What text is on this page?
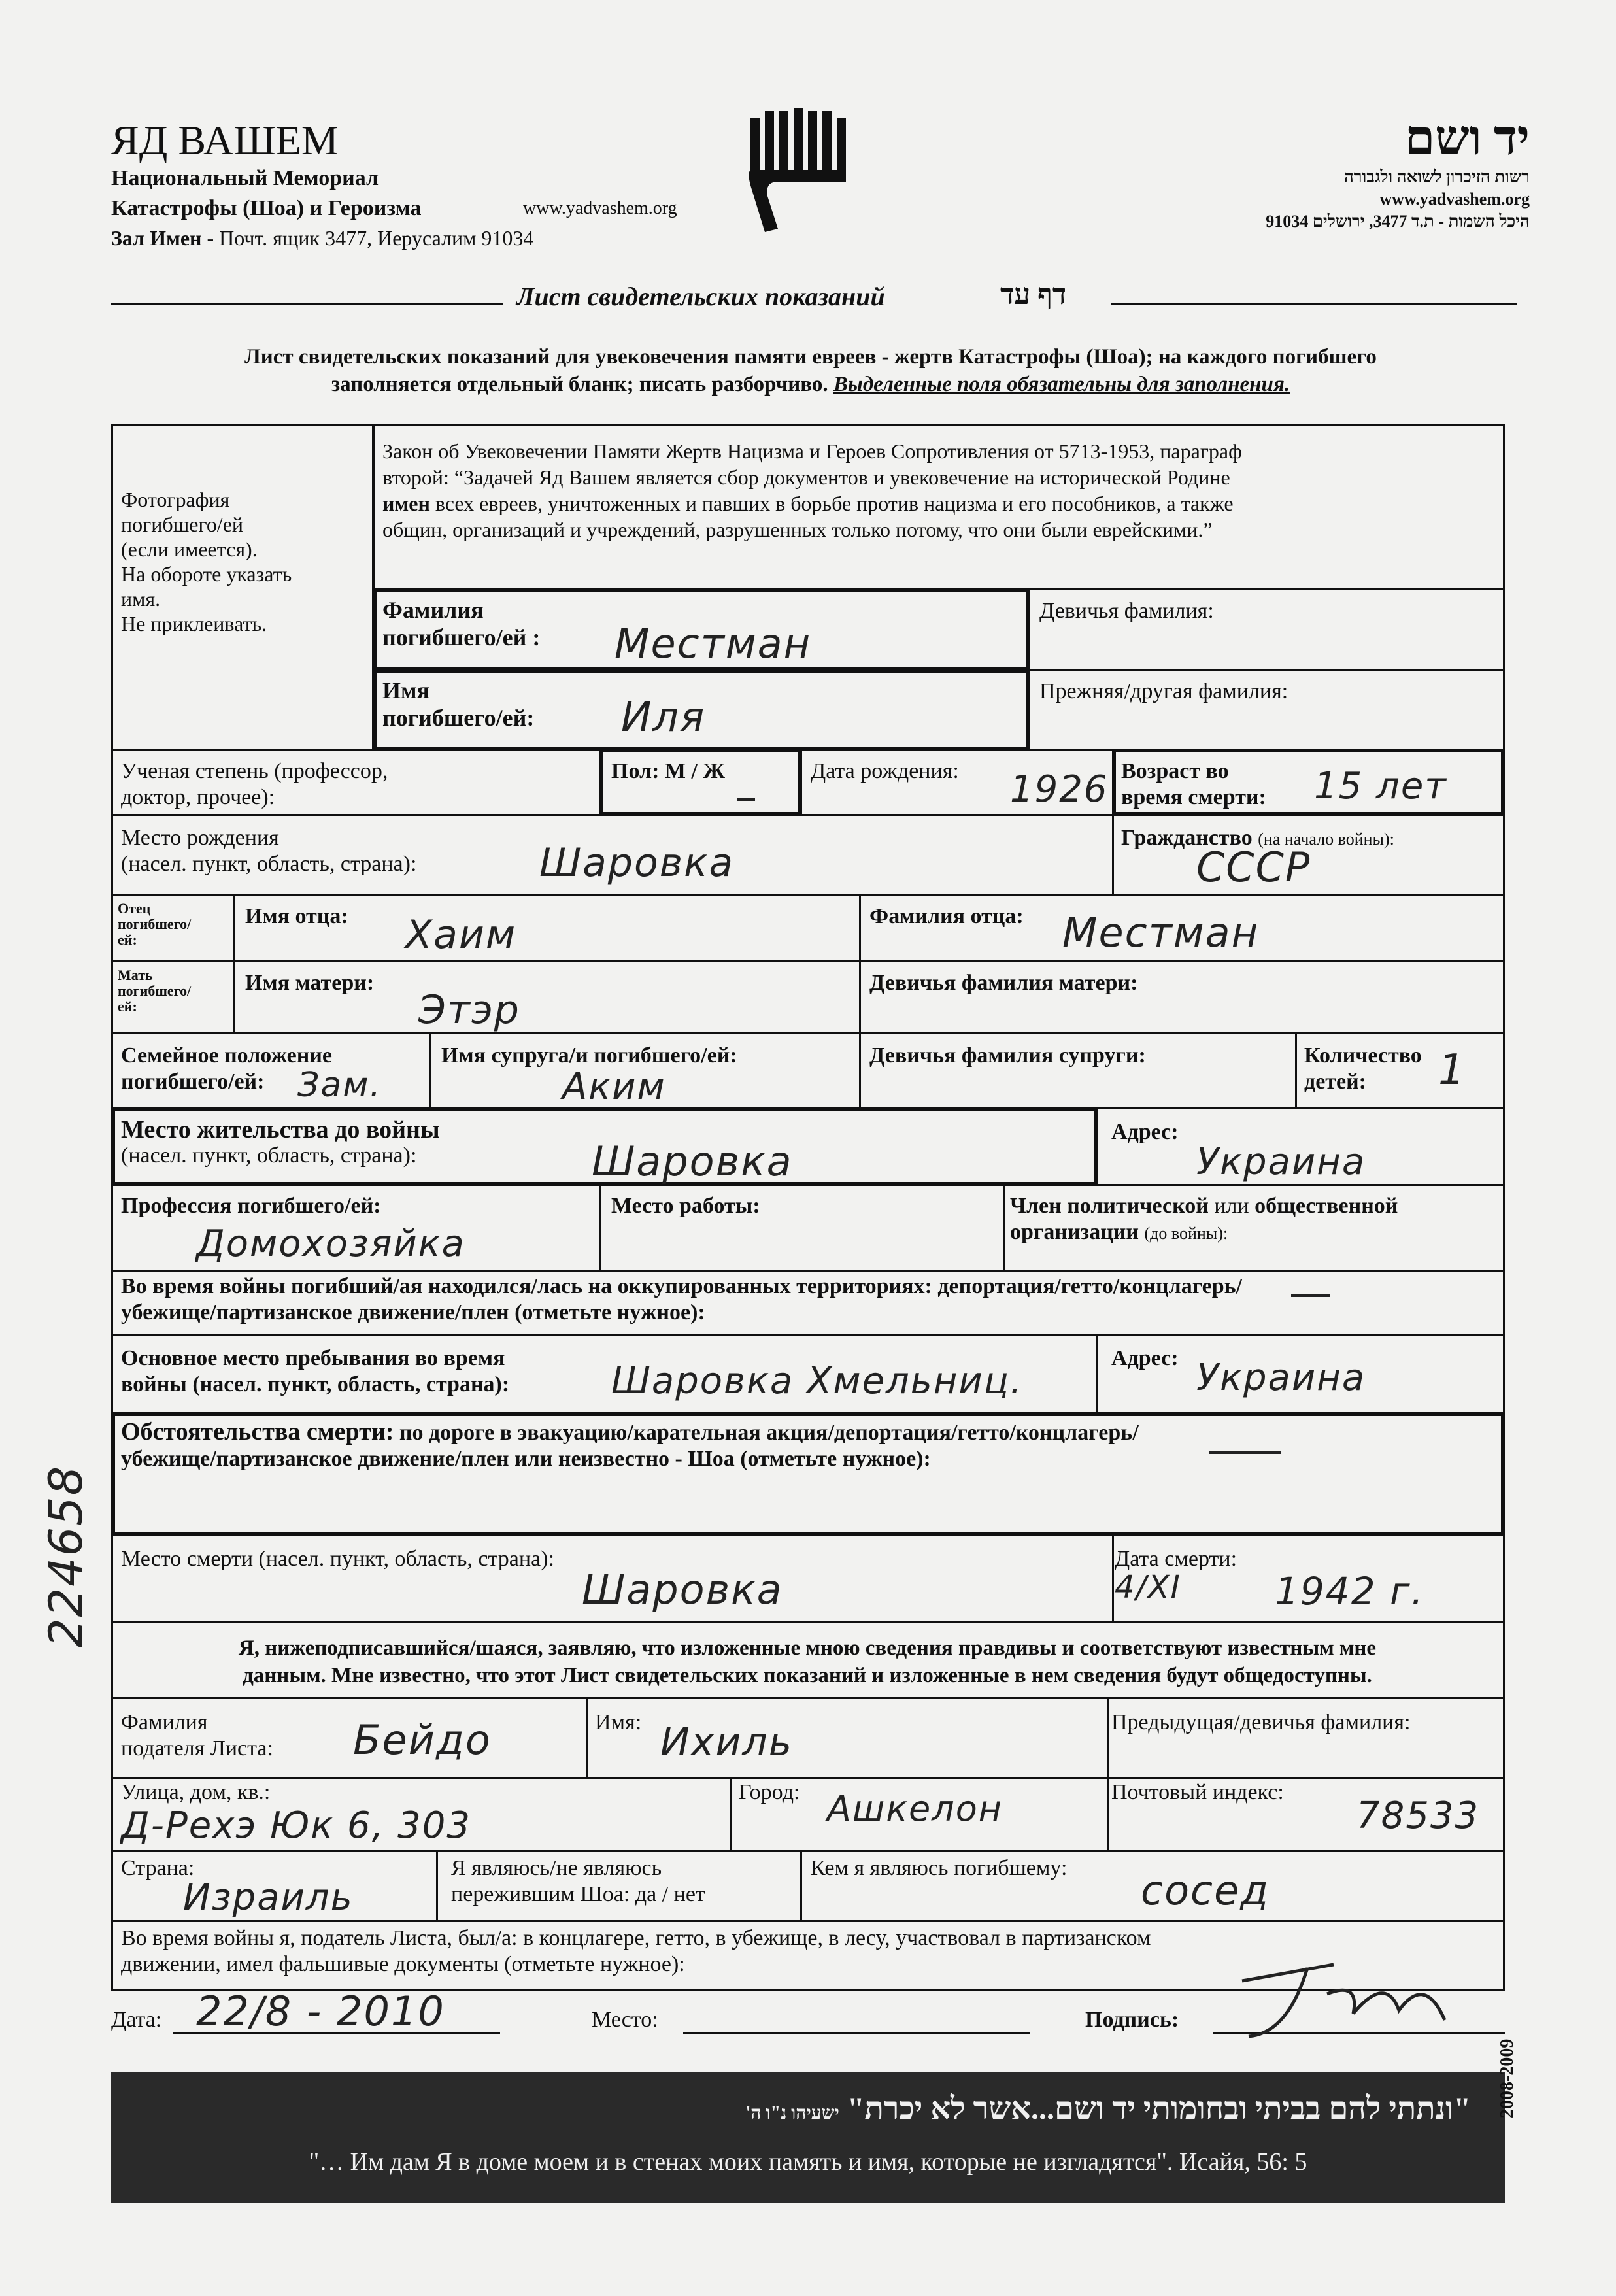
ЯД ВАШЕМ
Национальный Мемориал
Катастрофы (Шоа) и Героизма	www.yadvashem.org
Зал Имен - Почт. ящик 3477, Иерусалим 91034
יד ושם
רשות הזיכרון לשואה ולגבורה
www.yadvashem.org
היכל השמות - ת.ד 3477, ירושלים 91034
Лист свидетельских показаний	דף עד
Лист свидетельских показаний для увековечения памяти евреев - жертв Катастрофы (Шоа); на каждого погибшего
заполняется отдельный бланк; писать разборчиво. Выделенные поля обязательны для заполнения.
Фотография
погибшего/ей
(если имеется).
На обороте указать
имя.
Не приклеивать.
Закон об Увековечении Памяти Жертв Нацизма и Героев Сопротивления от 5713-1953, параграф
второй: “Задачей Яд Вашем является сбор документов и увековечение на исторической Родине
имен всех евреев, уничтоженных и павших в борьбе против нацизма и его пособников, а также
общин, организаций и учреждений, разрушенных только потому, что они были еврейскими.”
Фамилия
погибшего/ей : Местман
Девичья фамилия:
Имя
погибшего/ей: Иля
Прежняя/другая фамилия:
Ученая степень (профессор,
доктор, прочее):
Пол: М / Ж	Дата рождения: 1926 Возраст во
время смерти: 15 лет
Место рождения
(насел. пункт, область, страна):	Шаровка
Гражданство (на начало войны):
СССР
Отец
погибшего/
ей:
Имя отца: Хаим	Фамилия отца: Местман
Мать
погибшего/
ей:
Имя матери:
Этэр
Девичья фамилия матери:
Семейное положение
погибшего/ей: Зам.
Имя супруга/и погибшего/ей:
Аким
Девичья фамилия супруги:	Количество
детей:	1
Место жительства до войны
(насел. пункт, область, страна):	Шаровка
Адрес:
Украина
Профессия погибшего/ей:
Домохозяйка
Место работы:	Член политической или общественной
организации (до войны):
Во время войны погибший/ая находился/лась на оккупированных территориях: депортация/гетто/концлагерь/
убежище/партизанское движение/плен (отметьте нужное):
Основное место пребывания во время
войны (насел. пункт, область, страна):	Шаровка Хмельниц.
Адрес: Украина
Обстоятельства смерти: по дороге в эвакуацию/карательная акция/депортация/гетто/концлагерь/
убежище/партизанское движение/плен или неизвестно - Шоа (отметьте нужное):
Место смерти (насел. пункт, область, страна):
Шаровка
Дата смерти:
4/XI 1942 г.
Я, нижеподписавшийся/шаяся, заявляю, что изложенные мною сведения правдивы и соответствуют известным мне
данным. Мне известно, что этот Лист свидетельских показаний и изложенные в нем сведения будут общедоступны.
Фамилия
подателя Листа: Бейдо	Имя: Ихиль	Предыдущая/девичья фамилия:
Улица, дом, кв.:
Д-Рехэ Юк 6, 303
Город: Ашкелон	Почтовый индекс:
78533
Страна:
Израиль
Я являюсь/не являюсь
пережившим Шоа: да / нет
Кем я являюсь погибшему: сосед
Во время войны я, податель Листа, был/а: в концлагере, гетто, в убежище, в лесу, участвовал в партизанском
движении, имел фальшивые документы (отметьте нужное):
Дата: 22/8 - 2010	Место:	Подпись:
"ונתתי להם בביתי ובחומותי יד ושם...אשר לא יכרת" ישעיהו נ"ו ה'
"… Им дам Я в доме моем и в стенах моих память и имя, которые не изгладятся". Исайя, 56: 5
2008-2009
224658
